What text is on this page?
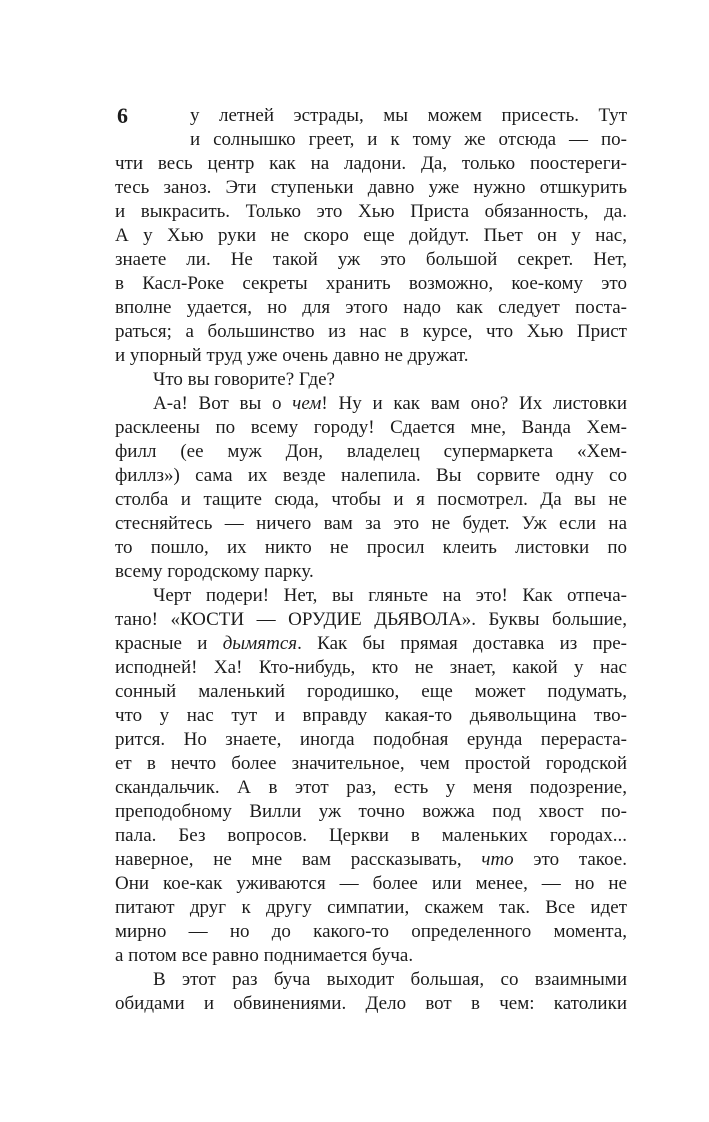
6	у летней эстрады, мы можем присесть. Тут
и солнышко греет, и к тому же отсюда — по-
чти весь центр как на ладони. Да, только поостереги-
тесь заноз. Эти ступеньки давно уже нужно отшкурить
и выкрасить. Только это Хью Приста обязанность, да.
А у Хью руки не скоро еще дойдут. Пьет он у нас,
знаете ли. Не такой уж это большой секрет. Нет,
в Касл-Роке секреты хранить возможно, кое-кому это
вполне удается, но для этого надо как следует поста-
раться; а большинство из нас в курсе, что Хью Прист
и упорный труд уже очень давно не дружат.
Что вы говорите? Где?
А-а! Вот вы о чем! Ну и как вам оно? Их листовки
расклеены по всему городу! Сдается мне, Ванда Хем-
филл (ее муж Дон, владелец супермаркета «Хем-
филлз») сама их везде налепила. Вы сорвите одну со
столба и тащите сюда, чтобы и я посмотрел. Да вы не
стесняйтесь — ничего вам за это не будет. Уж если на
то пошло, их никто не просил клеить листовки по
всему городскому парку.
Черт подери! Нет, вы гляньте на это! Как отпеча-
тано! «КОСТИ — ОРУДИЕ ДЬЯВОЛА». Буквы большие,
красные и дымятся. Как бы прямая доставка из пре-
исподней! Ха! Кто-нибудь, кто не знает, какой у нас
сонный маленький городишко, еще может подумать,
что у нас тут и вправду какая-то дьявольщина тво-
рится. Но знаете, иногда подобная ерунда перераста-
ет в нечто более значительное, чем простой городской
скандальчик. А в этот раз, есть у меня подозрение,
преподобному Вилли уж точно вожжа под хвост по-
пала. Без вопросов. Церкви в маленьких городах...
наверное, не мне вам рассказывать, что это такое.
Они кое-как уживаются — более или менее, — но не
питают друг к другу симпатии, скажем так. Все идет
мирно — но до какого-то определенного момента,
а потом все равно поднимается буча.
В этот раз буча выходит большая, со взаимными
обидами и обвинениями. Дело вот в чем: католики
